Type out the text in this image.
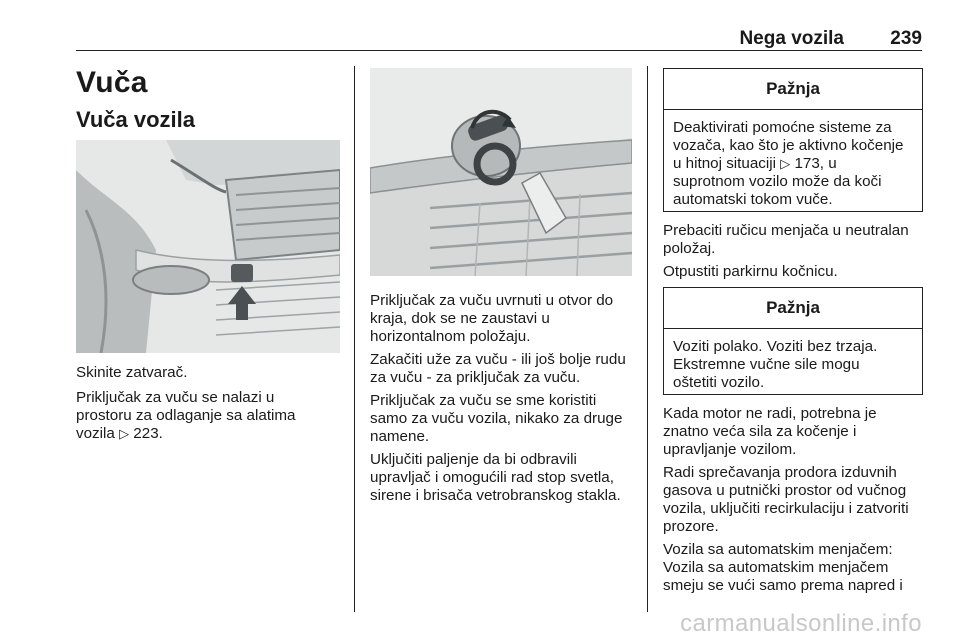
Nega vozila 239
Vuča
Vuča vozila

Skinite zatvarač.

Priključak za vuču se nalazi u

prostoru za odlaganje sa alatima

vozila ▷ 223.

Priključak za vuču uvrnuti u otvor do

kraja, dok se ne zaustavi u

horizontalnom položaju.

Zakačiti uže za vuču - ili još bolje rudu

za vuču - za priključak za vuču.

Priključak za vuču se sme koristiti

samo za vuču vozila, nikako za druge

namene.

Uključiti paljenje da bi odbravili

upravljač i omogućili rad stop svetla,

sirene i brisača vetrobranskog stakla.

Pažnja
Deaktivirati pomoćne sisteme za
vozača, kao što je aktivno kočenje
u hitnoj situaciji ▷ 173, u
suprotnom vozilo može da koči
automatski tokom vuče.

Prebaciti ručicu menjača u neutralan

položaj.

Otpustiti parkirnu kočnicu.

Pažnja
Voziti polako. Voziti bez trzaja.
Ekstremne vučne sile mogu
oštetiti vozilo.

Kada motor ne radi, potrebna je

znatno veća sila za kočenje i

upravljanje vozilom.

Radi sprečavanja prodora izduvnih

gasova u putnički prostor od vučnog

vozila, uključiti recirkulaciju i zatvoriti

prozore.

Vozila sa automatskim menjačem:

Vozila sa automatskim menjačem

smeju se vući samo prema napred i

carmanualsonline.info
